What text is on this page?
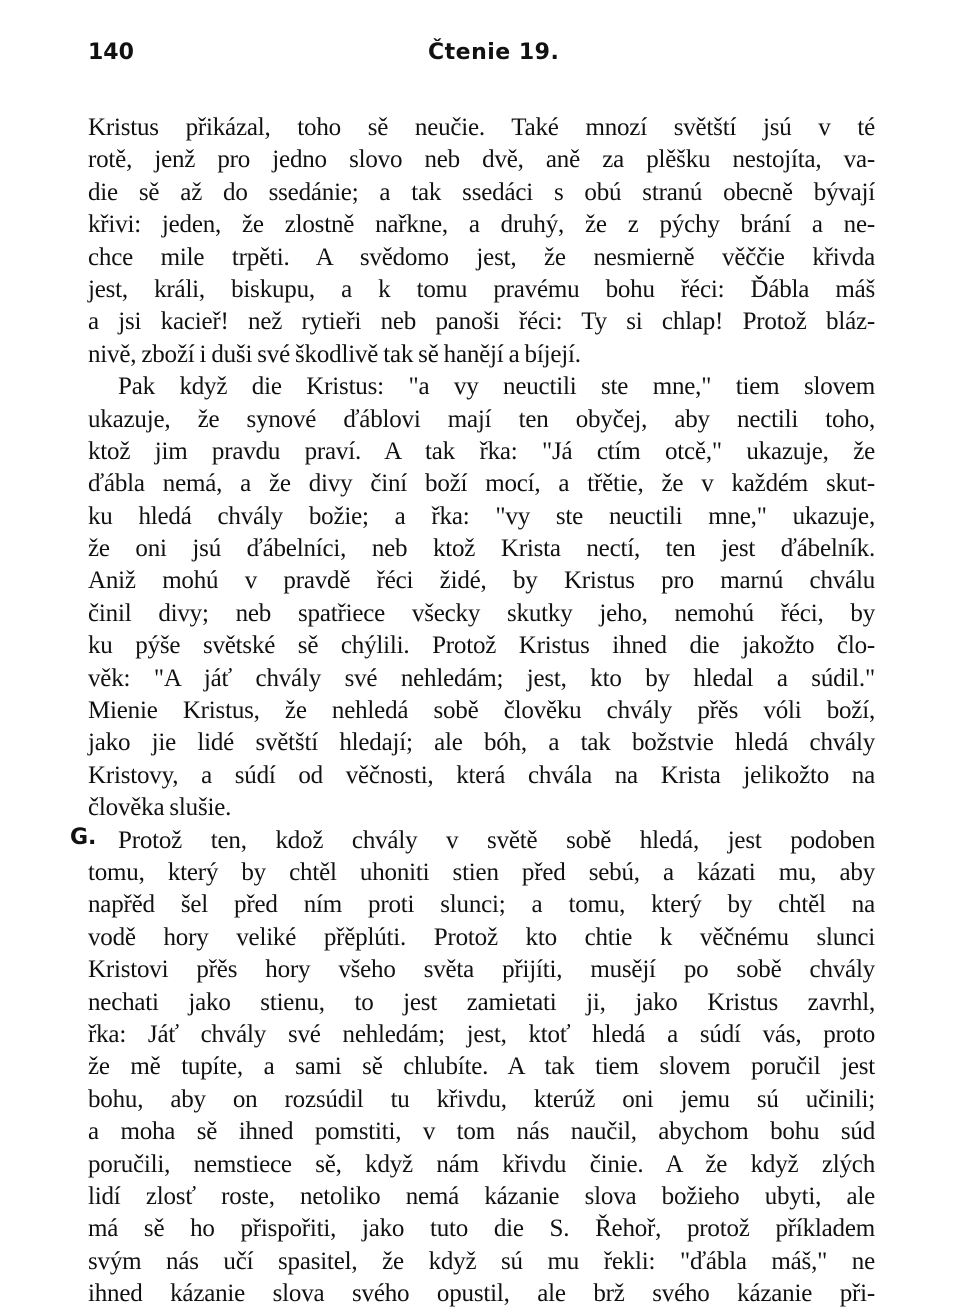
140	Čtenie 19.
Kristus přikázal, toho sě neučie. Také mnozí světští jsú v té
rotě, jenž pro jedno slovo neb dvě, aně za plěšku nestojíta, va-
die sě až do ssedánie; a tak ssedáci s obú stranú obecně bývají
křivi: jeden, že zlostně nařkne, a druhý, že z pýchy brání a ne-
chce mile trpěti. A svědomo jest, že nesmierně věččie křivda
jest, králi, biskupu, a k tomu pravému bohu řéci: Ďábla máš
a jsi kacieř! než rytieři neb panoši řéci: Ty si chlap! Protož bláz-
nivě, zboží i duši své škodlivě tak sě hanějí a bíjejí.
Pak když die Kristus: "a vy neuctili ste mne," tiem slovem
ukazuje, že synové ďáblovi mají ten obyčej, aby nectili toho,
ktož jim pravdu praví. A tak řka: "Já ctím otcě," ukazuje, že
ďábla nemá, a že divy činí boží mocí, a třětie, že v každém skut-
ku hledá chvály božie; a řka: "vy ste neuctili mne," ukazuje,
že oni jsú ďábelníci, neb ktož Krista nectí, ten jest ďábelník.
Aniž mohú v pravdě řéci židé, by Kristus pro marnú chválu
činil divy; neb spatřiece všecky skutky jeho, nemohú řéci, by
ku pýše světské sě chýlili. Protož Kristus ihned die jakožto člo-
věk: "A jáť chvály své nehledám; jest, kto by hledal a súdil."
Mienie Kristus, že nehledá sobě člověku chvály přěs vóli boží,
jako jie lidé světští hledají; ale bóh, a tak božstvie hledá chvály
Kristovy, a súdí od věčnosti, která chvála na Krista jelikožto na
člověka slušie.
G. Protož ten, kdož chvály v světě sobě hledá, jest podoben
tomu, který by chtěl uhoniti stien před sebú, a kázati mu, aby
napřěd šel před ním proti slunci; a tomu, který by chtěl na
vodě hory veliké přěplúti. Protož kto chtie k věčnému slunci
Kristovi přěs hory všeho světa přijíti, musějí po sobě chvály
nechati jako stienu, to jest zamietati ji, jako Kristus zavrhl,
řka: Jáť chvály své nehledám; jest, ktoť hledá a súdí vás, proto
že mě tupíte, a sami sě chlubíte. A tak tiem slovem poručil jest
bohu, aby on rozsúdil tu křivdu, kterúž oni jemu sú učinili;
a moha sě ihned pomstiti, v tom nás naučil, abychom bohu súd
poručili, nemstiece sě, když nám křivdu činie. A že když zlých
lidí zlosť roste, netoliko nemá kázanie slova božieho ubyti, ale
má sě ho přispořiti, jako tuto die S. Řehoř, protož příkladem
svým nás učí spasitel, že když sú mu řekli: "ďábla máš," ne
ihned kázanie slova svého opustil, ale brž svého kázanie při-
